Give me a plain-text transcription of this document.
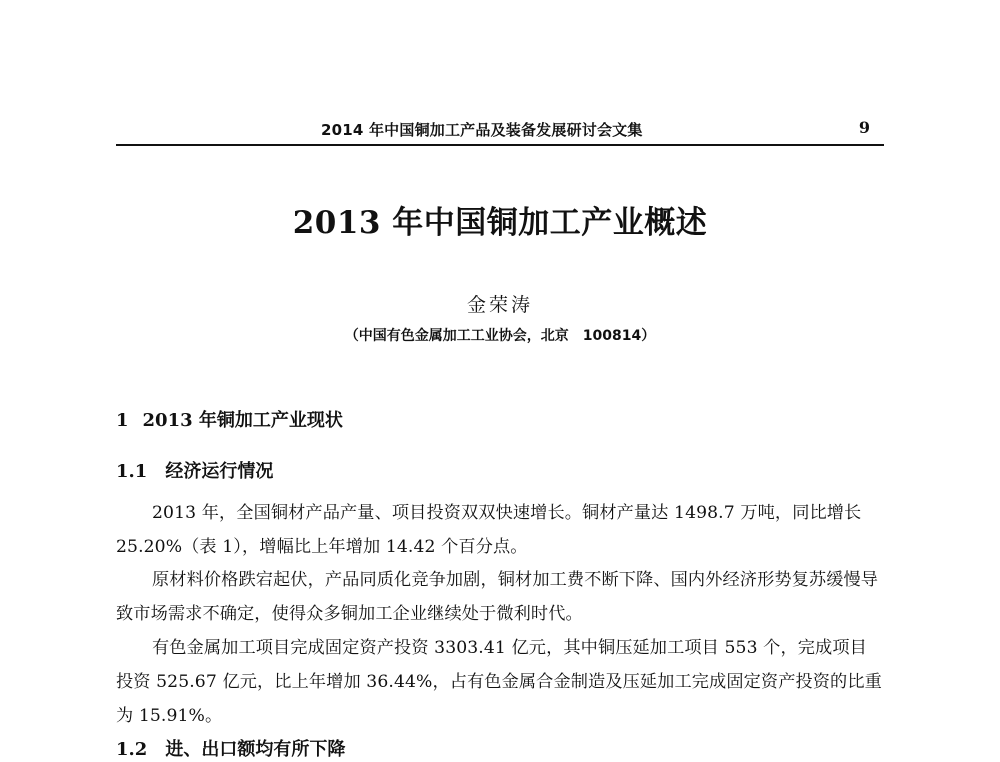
2014 年中国铜加工产品及装备发展研讨会文集	9
2013 年中国铜加工产业概述
金荣涛
（中国有色金属加工工业协会，北京　100814）
1 2013 年铜加工产业现状
1.1 经济运行情况

2013 年，全国铜材产品产量、项目投资双双快速增长。铜材产量达 1498.7 万吨，同比增长 25.20%（表 1），增幅比上年增加 14.42 个百分点。

原材料价格跌宕起伏，产品同质化竞争加剧，铜材加工费不断下降、国内外经济形势复苏缓慢导致市场需求不确定，使得众多铜加工企业继续处于微利时代。

有色金属加工项目完成固定资产投资 3303.41 亿元，其中铜压延加工项目 553 个，完成项目投资 525.67 亿元，比上年增加 36.44%，占有色金属合金制造及压延加工完成固定资产投资的比重为 15.91%。

1.2 进、出口额均有所下降
